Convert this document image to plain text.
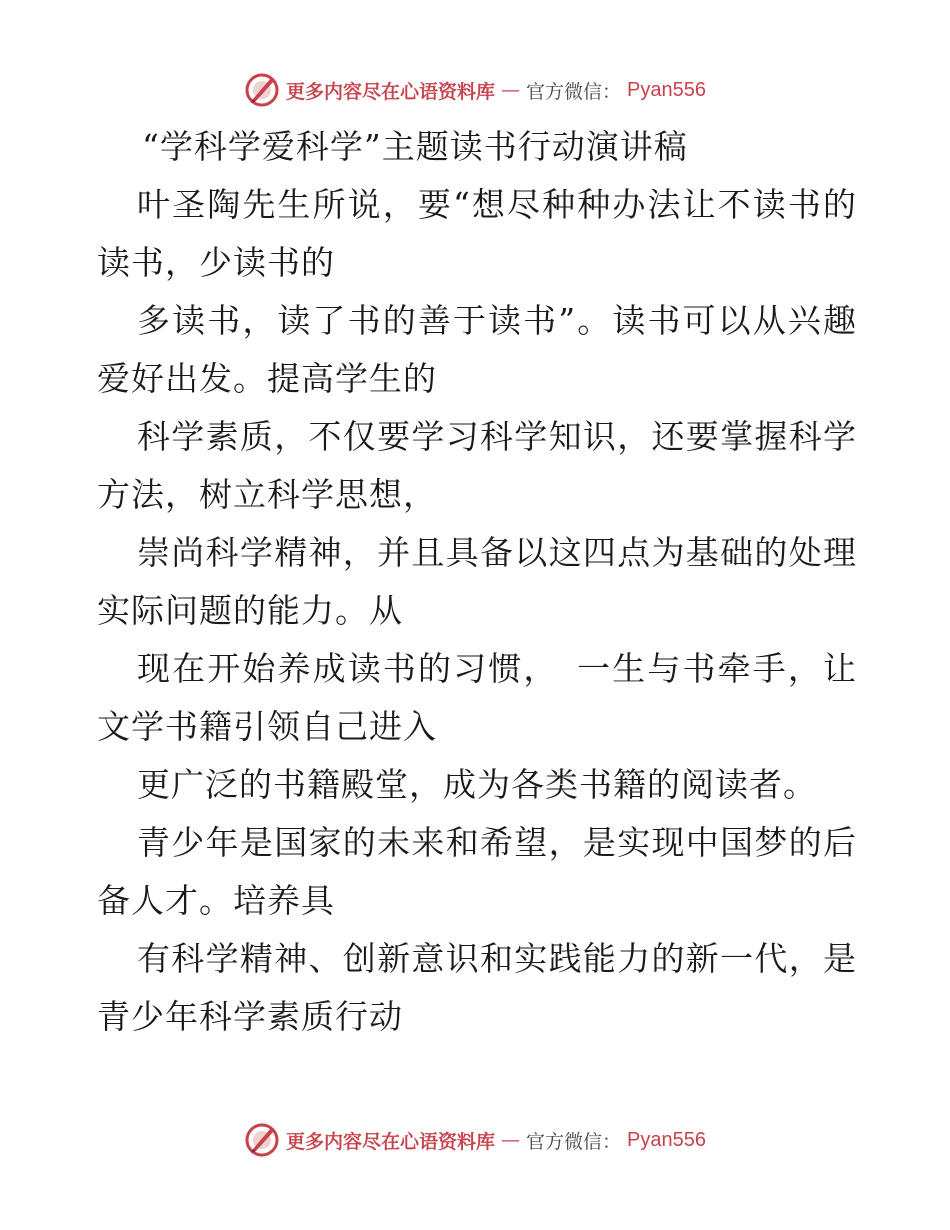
更多内容尽在心语资料库 — 官方微信： Pyan556
“学科学爱科学”主题读书行动演讲稿

叶圣陶先生所说，要“想尽种种办法让不读书的读书，少读书的

多读书，读了书的善于读书”。读书可以从兴趣爱好出发。提高学生的

科学素质，不仅要学习科学知识，还要掌握科学方法，树立科学思想，

崇尚科学精神，并且具备以这四点为基础的处理实际问题的能力。从

现在开始养成读书的习惯，　一生与书牵手，让文学书籍引领自己进入

更广泛的书籍殿堂，成为各类书籍的阅读者。

青少年是国家的未来和希望，是实现中国梦的后备人才。培养具

有科学精神、创新意识和实践能力的新一代，是青少年科学素质行动

更多内容尽在心语资料库 — 官方微信： Pyan556
